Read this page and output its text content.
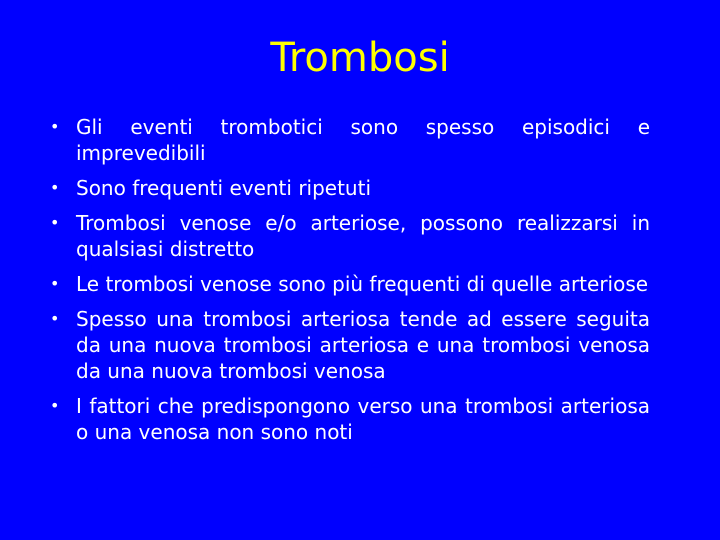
Trombosi
• Gli eventi trombotici sono spesso episodici e imprevedibili
• Sono frequenti eventi ripetuti
• Trombosi venose e/o arteriose, possono realizzarsi in qualsiasi distretto
• Le trombosi venose sono più frequenti di quelle arteriose
• Spesso una trombosi arteriosa tende ad essere seguita da una nuova trombosi arteriosa e una trombosi venosa da una nuova trombosi venosa
• I fattori che predispongono verso una trombosi arteriosa o una venosa non sono noti
